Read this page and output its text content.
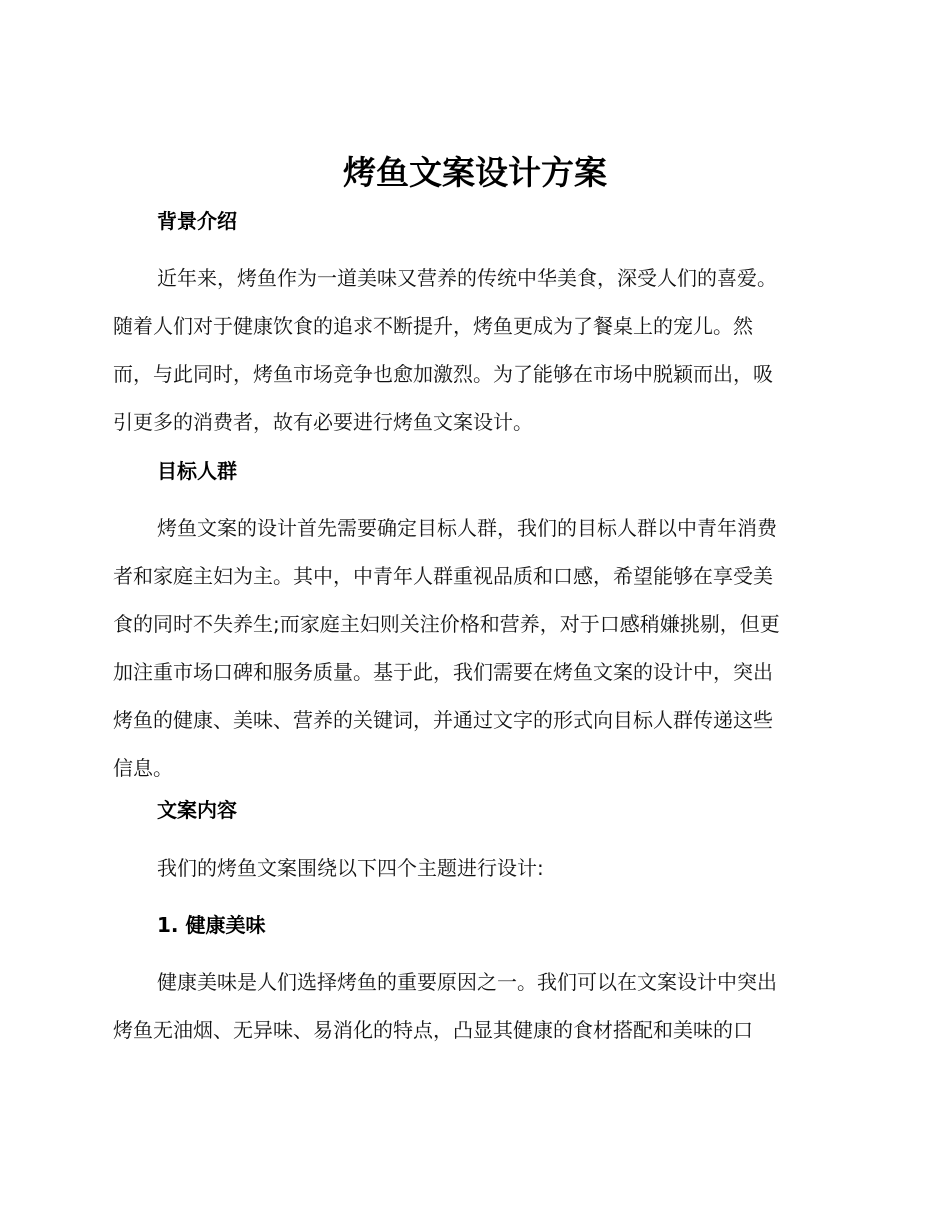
烤鱼文案设计方案
背景介绍
近年来，烤鱼作为一道美味又营养的传统中华美食，深受人们的喜爱。
随着人们对于健康饮食的追求不断提升，烤鱼更成为了餐桌上的宠儿。然
而，与此同时，烤鱼市场竞争也愈加激烈。为了能够在市场中脱颖而出，吸
引更多的消费者，故有必要进行烤鱼文案设计。
目标人群
烤鱼文案的设计首先需要确定目标人群，我们的目标人群以中青年消费
者和家庭主妇为主。其中，中青年人群重视品质和口感，希望能够在享受美
食的同时不失养生;而家庭主妇则关注价格和营养，对于口感稍嫌挑剔，但更
加注重市场口碑和服务质量。基于此，我们需要在烤鱼文案的设计中，突出
烤鱼的健康、美味、营养的关键词，并通过文字的形式向目标人群传递这些
信息。
文案内容
我们的烤鱼文案围绕以下四个主题进行设计:
1. 健康美味
健康美味是人们选择烤鱼的重要原因之一。我们可以在文案设计中突出
烤鱼无油烟、无异味、易消化的特点，凸显其健康的食材搭配和美味的口
